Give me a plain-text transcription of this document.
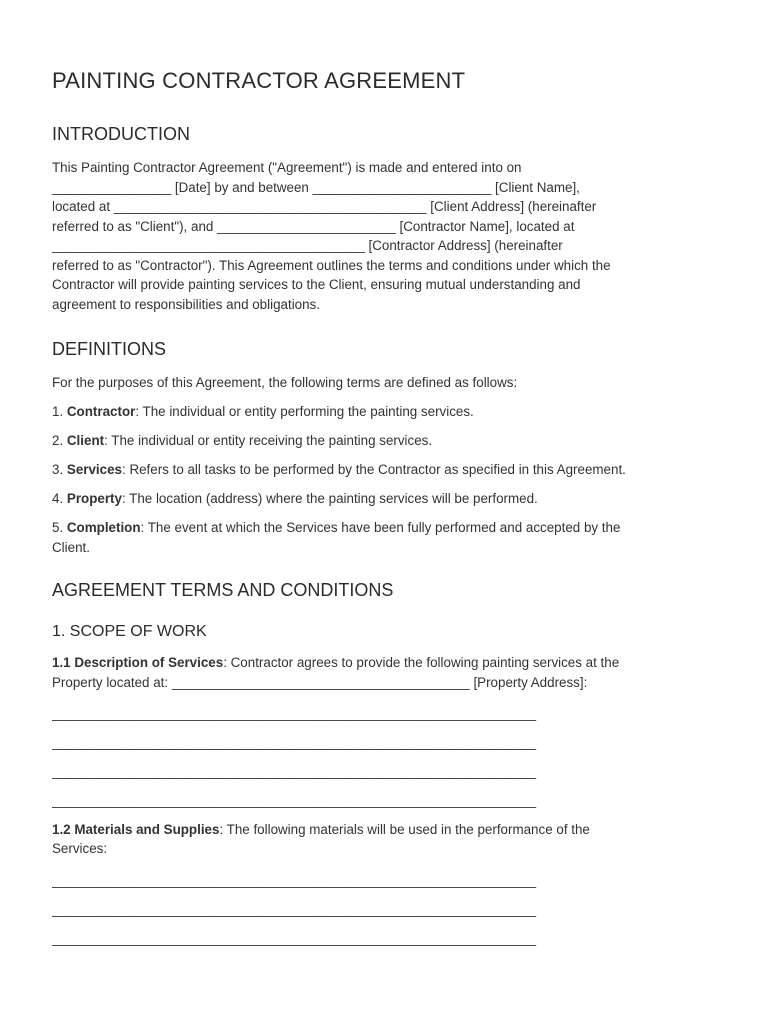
PAINTING CONTRACTOR AGREEMENT
INTRODUCTION

This Painting Contractor Agreement ("Agreement") is made and entered into on
________________ [Date] by and between ________________________ [Client Name],
located at __________________________________________ [Client Address] (hereinafter
referred to as "Client"), and ________________________ [Contractor Name], located at
__________________________________________ [Contractor Address] (hereinafter
referred to as "Contractor"). This Agreement outlines the terms and conditions under which the
Contractor will provide painting services to the Client, ensuring mutual understanding and
agreement to responsibilities and obligations.

DEFINITIONS

For the purposes of this Agreement, the following terms are defined as follows:

1. Contractor: The individual or entity performing the painting services.

2. Client: The individual or entity receiving the painting services.

3. Services: Refers to all tasks to be performed by the Contractor as specified in this Agreement.

4. Property: The location (address) where the painting services will be performed.

5. Completion: The event at which the Services have been fully performed and accepted by the
Client.

AGREEMENT TERMS AND CONDITIONS
1. SCOPE OF WORK

1.1 Description of Services: Contractor agrees to provide the following painting services at the
Property located at: ________________________________________ [Property Address]:

_________________________________________________________________
_________________________________________________________________
_________________________________________________________________
_________________________________________________________________

1.2 Materials and Supplies: The following materials will be used in the performance of the
Services:

_________________________________________________________________
_________________________________________________________________
_________________________________________________________________
